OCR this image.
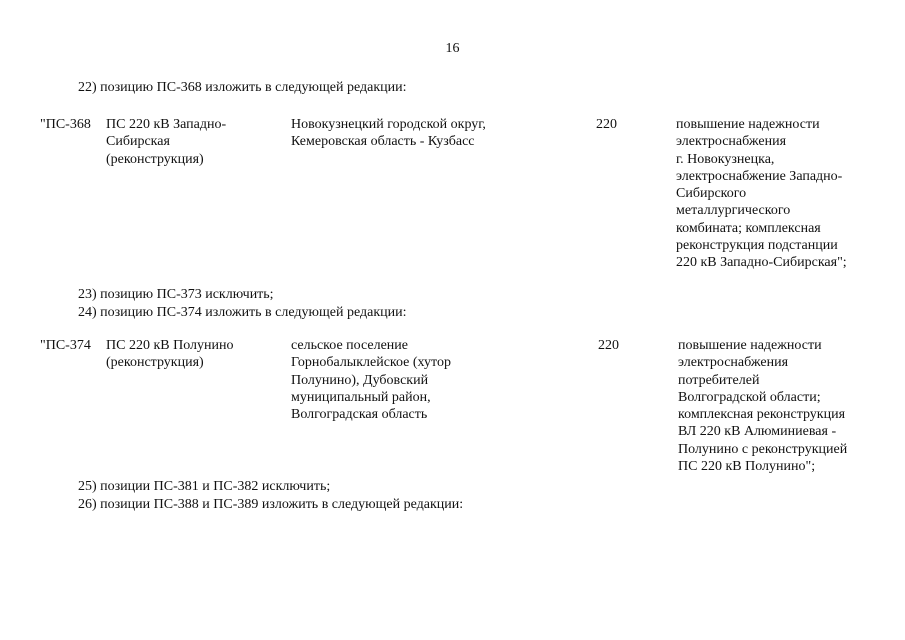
16
22) позицию ПС-368 изложить в следующей редакции:
"ПС-368 ПС 220 кВ Западно-
Сибирская
(реконструкция)
Новокузнецкий городской округ,
Кемеровская область - Кузбасс
220	повышение надежности
электроснабжения
г. Новокузнецка,
электроснабжение Западно-
Сибирского
металлургического
комбината; комплексная
реконструкция подстанции
220 кВ Западно-Сибирская";
23) позицию ПС-373 исключить;
24) позицию ПС-374 изложить в следующей редакции:
"ПС-374 ПС 220 кВ Полунино
(реконструкция)
сельское поселение
Горнобалыклейское (хутор
Полунино), Дубовский
муниципальный район,
Волгоградская область
220	повышение надежности
электроснабжения
потребителей
Волгоградской области;
комплексная реконструкция
ВЛ 220 кВ Алюминиевая -
Полунино с реконструкцией
ПС 220 кВ Полунино";
25) позиции ПС-381 и ПС-382 исключить;
26) позиции ПС-388 и ПС-389 изложить в следующей редакции:
